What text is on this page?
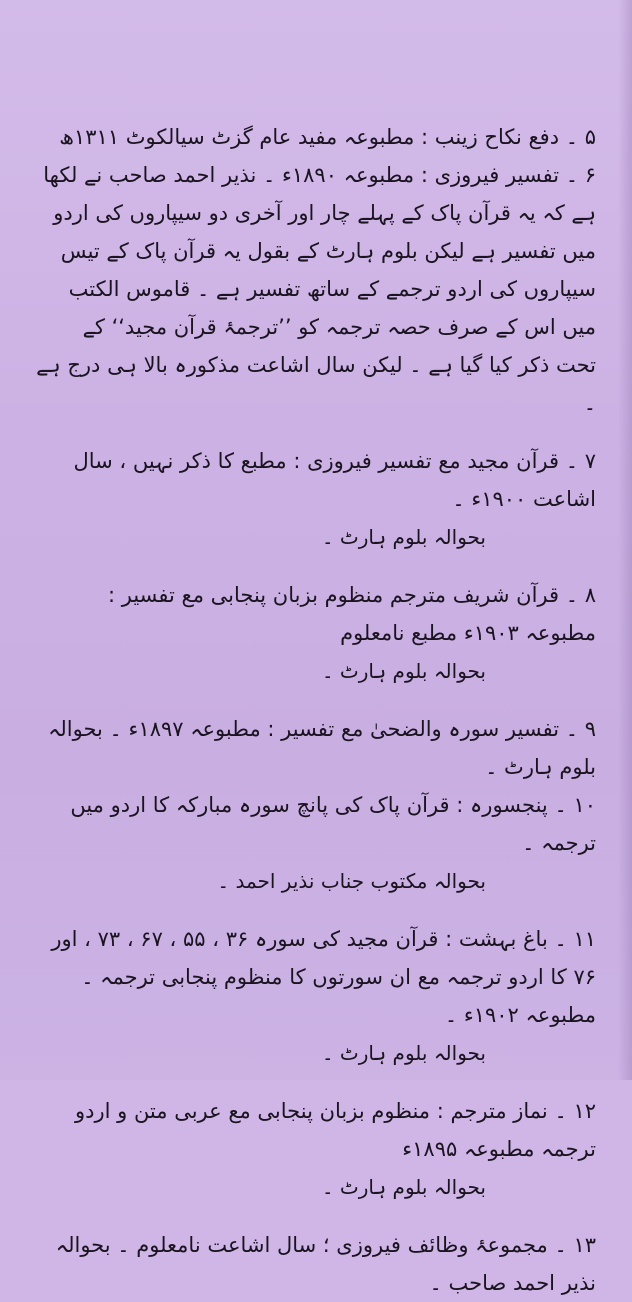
۵ ۔ دفع نکاح زینب : مطبوعہ مفید عام گزٹ سیالکوٹ ۱۳۱۱ھ

۶ ۔ تفسیر فیروزی : مطبوعہ ۱۸۹۰ء ۔ نذیر احمد صاحب نے لکھا ہے کہ یہ قرآن پاک کے پہلے چار اور آخری دو سیپاروں کی اردو میں تفسیر ہے لیکن بلوم ہارٹ کے بقول یہ قرآن پاک کے تیس سیپاروں کی اردو ترجمے کے ساتھ تفسیر ہے ۔ قاموس الکتب میں اس کے صرف حصہ ترجمہ کو ’’ترجمۂ قرآن مجید‘‘ کے تحت ذکر کیا گیا ہے ۔ لیکن سال اشاعت مذکورہ بالا ہی درج ہے ۔

۷ ۔ قرآن مجید مع تفسیر فیروزی : مطبع کا ذکر نہیں ، سال اشاعت ۱۹۰۰ء ۔

بحوالہ بلوم ہارٹ ۔

۸ ۔ قرآن شریف مترجم منظوم بزبان پنجابی مع تفسیر : مطبوعہ ۱۹۰۳ء مطبع نامعلوم

بحوالہ بلوم ہارٹ ۔

۹ ۔ تفسیر سورہ والضحیٰ مع تفسیر : مطبوعہ ۱۸۹۷ء ۔ بحوالہ بلوم ہارٹ ۔

۱۰ ۔ پنجسورہ : قرآن پاک کی پانچ سورہ مبارکہ کا اردو میں ترجمہ ۔

بحوالہ مکتوب جناب نذیر احمد ۔

۱۱ ۔ باغ بہشت : قرآن مجید کی سورہ ۳۶ ، ۵۵ ، ۶۷ ، ۷۳ ، اور ۷۶ کا اردو ترجمہ مع ان سورتوں کا منظوم پنجابی ترجمہ ۔ مطبوعہ ۱۹۰۲ء ۔

بحوالہ بلوم ہارٹ ۔

۱۲ ۔ نماز مترجم : منظوم بزبان پنجابی مع عربی متن و اردو ترجمہ مطبوعہ ۱۸۹۵ء

بحوالہ بلوم ہارٹ ۔

۱۳ ۔ مجموعۂ وظائف فیروزی ؛ سال اشاعت نامعلوم ۔ بحوالہ نذیر احمد صاحب ۔
